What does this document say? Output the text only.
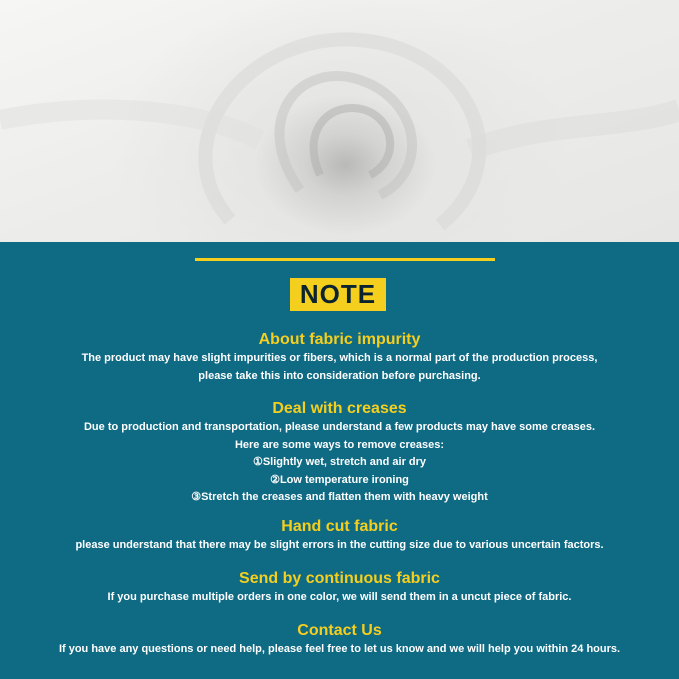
NOTE
About fabric impurity
The product may have slight impurities or fibers, which is a normal part of the production process,
please take this into consideration before purchasing.
Deal with creases
Due to production and transportation, please understand a few products may have some creases.
Here are some ways to remove creases:
①Slightly wet, stretch and air dry
②Low temperature ironing
③Stretch the creases and flatten them with heavy weight
Hand cut fabric
please understand that there may be slight errors in the cutting size due to various uncertain factors.
Send by continuous fabric
If you purchase multiple orders in one color, we will send them in a uncut piece of fabric.
Contact Us
If you have any questions or need help, please feel free to let us know and we will help you within 24 hours.
